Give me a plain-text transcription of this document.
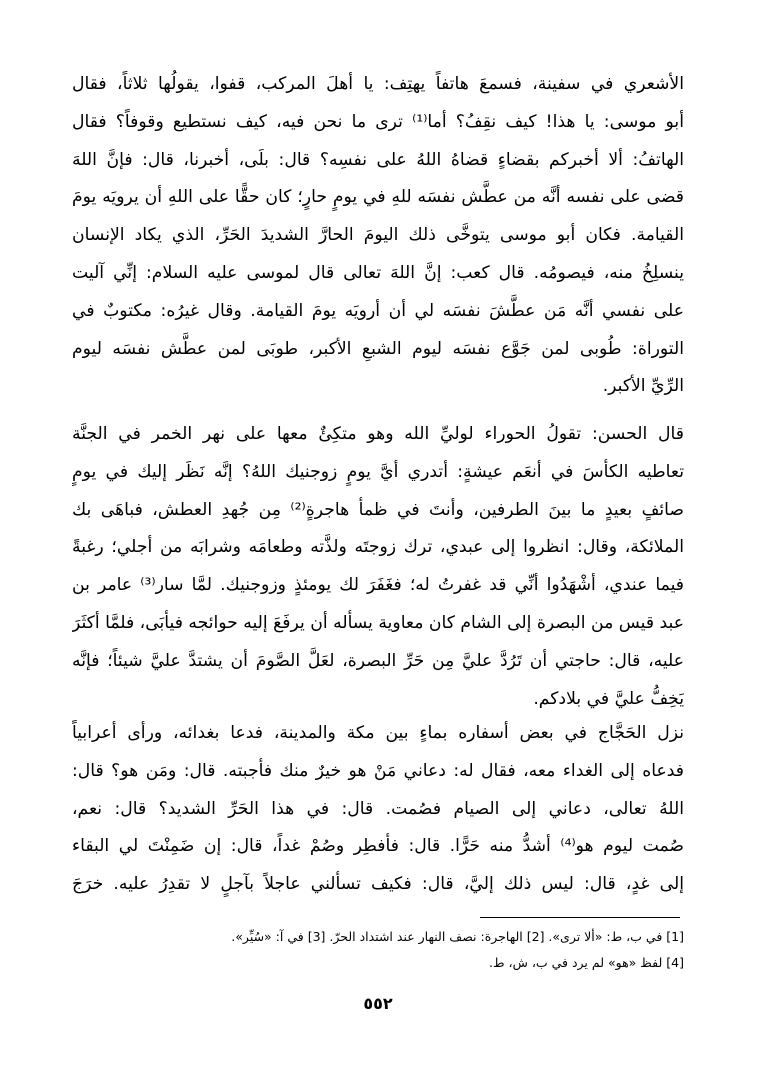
الأشعري في سفينة، فسمعَ هاتفاً يهتِف: يا أهلَ المركب، قفوا، يقولُها ثلاثاً، فقال
أبو موسى: يا هذا! كيف نقِفُ؟ أما⁽¹⁾ ترى ما نحن فيه، كيف نستطيع وقوفاً؟ فقال
الهاتفُ: ألا أخبركم بقضاءٍ قضاهُ اللهُ على نفسِه؟ قال: بلَى، أخبرنا، قال: فإنَّ اللهَ
قضى على نفسه أنَّه من عطَّش نفسَه للهِ في يومٍ حارٍ؛ كان حقًّا على اللهِ أن يرويَه يومَ
القيامة. فكان أبو موسى يتوخَّى ذلك اليومَ الحارَّ الشديدَ الحَرِّ، الذي يكاد الإنسان
ينسلِخُ منه، فيصومُه. قال كعب: إنَّ اللهَ تعالى قال لموسى عليه السلام: إنِّي آليت
على نفسي أنَّه مَن عطَّشَ نفسَه لي أن أرويَه يومَ القيامة. وقال غيرُه: مكتوبٌ في
التوراة: طُوبى لمن جَوَّع نفسَه ليوم الشبعِ الأكبر، طوبَى لمن عطَّش نفسَه ليوم
الرِّيِّ الأكبر.
قال الحسن: تقولُ الحوراء لوليِّ الله وهو متكِئٌ معها على نهر الخمر في الجنَّة
تعاطيه الكأسَ في أنعَم عيشةٍ: أتدري أيَّ يومٍ زوجنيك اللهُ؟ إنَّه نَظَر إليك في يومٍ
صائفٍ بعيدٍ ما بينَ الطرفين، وأنتَ في ظمأ هاجرةٍ⁽²⁾ مِن جُهدِ العطش، فباهَى بك
الملائكة، وقال: انظروا إلى عبدي، ترك زوجتَه ولذَّته وطعامَه وشرابَه من أجلي؛ رغبةً
فيما عندي، أشْهَدُوا أنِّي قد غفرتُ له؛ فغَفَرَ لك يومئذٍ وزوجنيك. لمَّا سار⁽³⁾ عامر بن
عبد قيس من البصرة إلى الشام كان معاوية يسأله أن يرفَعَ إليه حوائجه فيأبَى، فلمَّا أكثَرَ
عليه، قال: حاجتي أن تَرُدَّ عليَّ مِن حَرِّ البصرة، لعَلَّ الصَّومَ أن يشتدَّ عليَّ شيئاً؛ فإنَّه
يَخِفُّ عليَّ في بلادكم.
نزل الحَجَّاج في بعض أسفاره بماءٍ بين مكة والمدينة، فدعا بغدائه، ورأى أعرابياً
فدعاه إلى الغداء معه، فقال له: دعاني مَنْ هو خيرٌ منك فأجبته. قال: ومَن هو؟ قال:
اللهُ تعالى، دعاني إلى الصيام فصُمت. قال: في هذا الحَرِّ الشديد؟ قال: نعم،
صُمت ليوم هو⁽⁴⁾ أشدُّ منه حَرًّا. قال: فأفطِر وصُمْ غداً، قال: إن ضَمِنْتَ لي البقاء
إلى غدٍ، قال: ليس ذلك إليَّ، قال: فكيف تسألني عاجلاً بآجلٍ لا تقدِرُ عليه. خرَجَ
[1] في ب، ط: «ألا ترى». [2] الهاجرة: نصف النهار عند اشتداد الحرّ. [3] في آ: «سُيِّر».
[4] لفظ «هو» لم يرد في ب، ش، ط.
٥٥٢
